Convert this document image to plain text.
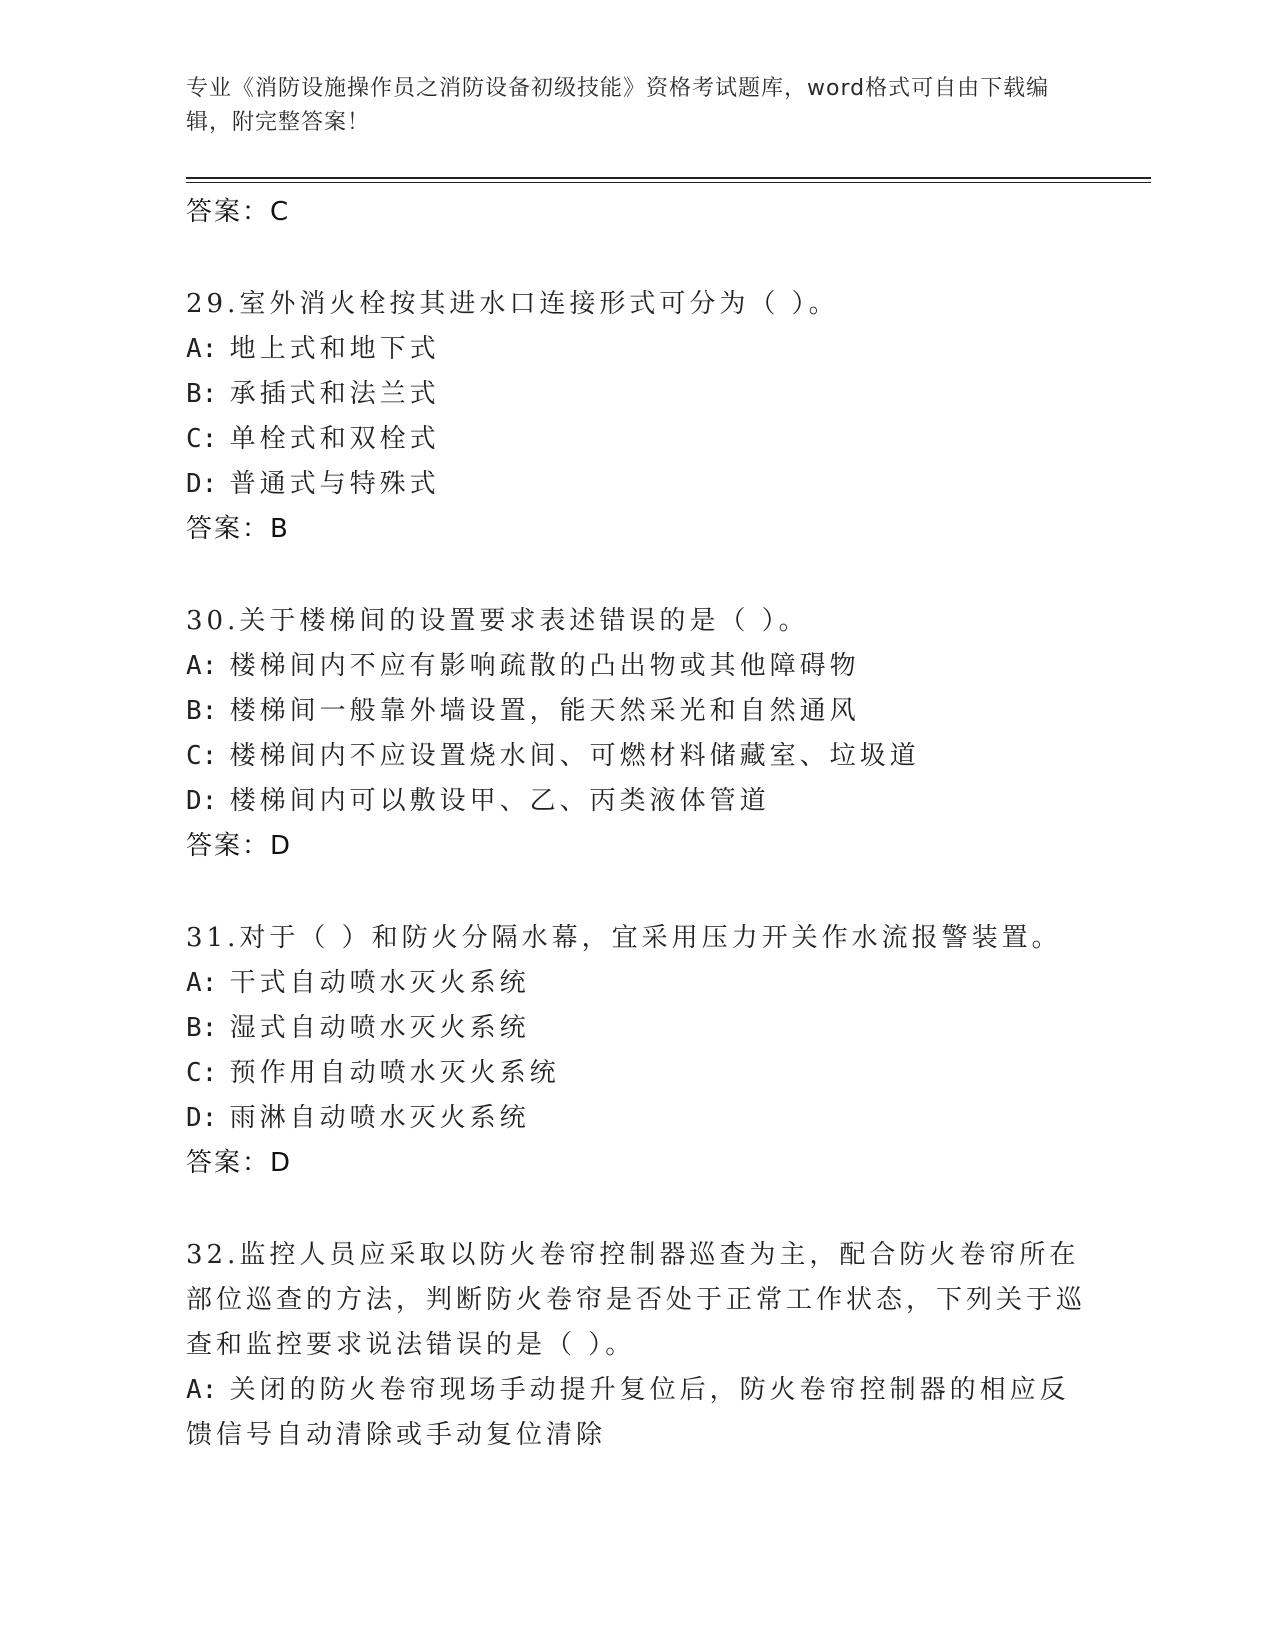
专业《消防设施操作员之消防设备初级技能》资格考试题库，word格式可自由下载编辑，附完整答案！
答案：C
29.室外消火栓按其进水口连接形式可分为（ ）。
A: 地上式和地下式
B: 承插式和法兰式
C: 单栓式和双栓式
D: 普通式与特殊式
答案：B
30.关于楼梯间的设置要求表述错误的是（ ）。
A: 楼梯间内不应有影响疏散的凸出物或其他障碍物
B: 楼梯间一般靠外墙设置，能天然采光和自然通风
C: 楼梯间内不应设置烧水间、可燃材料储藏室、垃圾道
D: 楼梯间内可以敷设甲、乙、丙类液体管道
答案：D
31.对于（ ）和防火分隔水幕，宜采用压力开关作水流报警装置。
A: 干式自动喷水灭火系统
B: 湿式自动喷水灭火系统
C: 预作用自动喷水灭火系统
D: 雨淋自动喷水灭火系统
答案：D
32.监控人员应采取以防火卷帘控制器巡查为主，配合防火卷帘所在部位巡查的方法，判断防火卷帘是否处于正常工作状态，下列关于巡查和监控要求说法错误的是（ ）。
A: 关闭的防火卷帘现场手动提升复位后，防火卷帘控制器的相应反馈信号自动清除或手动复位清除
